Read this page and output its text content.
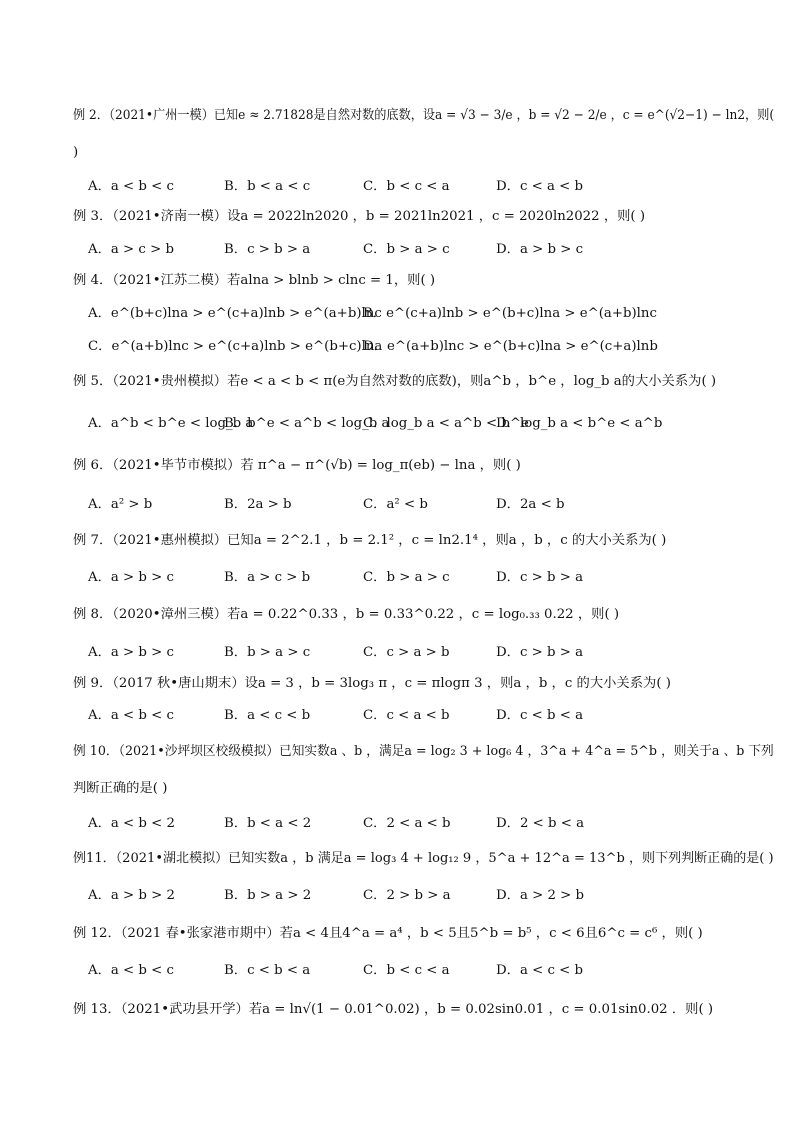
例 2．（2021•广州一模）已知e ≈ 2.71828是自然对数的底数，设a = √3 − 3/e ，b = √2 − 2/e ，c = e^(√2−1) − ln2，则(
)
A．a < b < c	B．b < a < c	C．b < c < a	D．c < a < b
例 3．（2021•济南一模）设a = 2022ln2020 ，b = 2021ln2021 ，c = 2020ln2022 ，则( )
A．a > c > b	B．c > b > a	C．b > a > c	D．a > b > c
例 4．（2021•江苏二模）若alna > blnb > clnc = 1，则( )
A．e^(b+c)lna > e^(c+a)lnb > e^(a+b)lnc
B．e^(c+a)lnb > e^(b+c)lna > e^(a+b)lnc
C．e^(a+b)lnc > e^(c+a)lnb > e^(b+c)lna
D．e^(a+b)lnc > e^(b+c)lna > e^(c+a)lnb
例 5．（2021•贵州模拟）若e < a < b < π(e为自然对数的底数)，则a^b ，b^e ，log_b a的大小关系为( )
A．a^b < b^e < log_b a
B．b^e < a^b < log_b a
C．log_b a < a^b < b^e
D．log_b a < b^e < a^b
例 6．（2021•毕节市模拟）若 π^a − π^(√b) = log_π(eb) − lna ，则( )
A．a² > b	B．2a > b	C．a² < b	D．2a < b
例 7．（2021•惠州模拟）已知a = 2^2.1 ，b = 2.1² ，c = ln2.1⁴ ，则a ，b ，c 的大小关系为( )
A．a > b > c	B．a > c > b	C．b > a > c	D．c > b > a
例 8．（2020•漳州三模）若a = 0.22^0.33 ，b = 0.33^0.22 ，c = log₀.₃₃ 0.22 ，则( )
A．a > b > c	B．b > a > c	C．c > a > b	D．c > b > a
例 9．（2017 秋•唐山期末）设a = 3 ，b = 3log₃ π ，c = πlogπ 3 ，则a ，b ，c 的大小关系为( )
A．a < b < c	B．a < c < b	C．c < a < b	D．c < b < a
例 10．（2021•沙坪坝区校级模拟）已知实数a 、b ，满足a = log₂ 3 + log₆ 4 ，3^a + 4^a = 5^b ，则关于a 、b 下列
判断正确的是( )
A．a < b < 2	B．b < a < 2	C．2 < a < b	D．2 < b < a
例11．（2021•湖北模拟）已知实数a ，b 满足a = log₃ 4 + log₁₂ 9 ，5^a + 12^a = 13^b ，则下列判断正确的是( )
A．a > b > 2	B．b > a > 2	C．2 > b > a	D．a > 2 > b
例 12．（2021 春•张家港市期中）若a < 4且4^a = a⁴ ，b < 5且5^b = b⁵ ，c < 6且6^c = c⁶ ，则( )
A．a < b < c	B．c < b < a	C．b < c < a	D．a < c < b
例 13．（2021•武功县开学）若a = ln√(1 − 0.01^0.02) ，b = 0.02sin0.01 ，c = 0.01sin0.02 ．则( )
